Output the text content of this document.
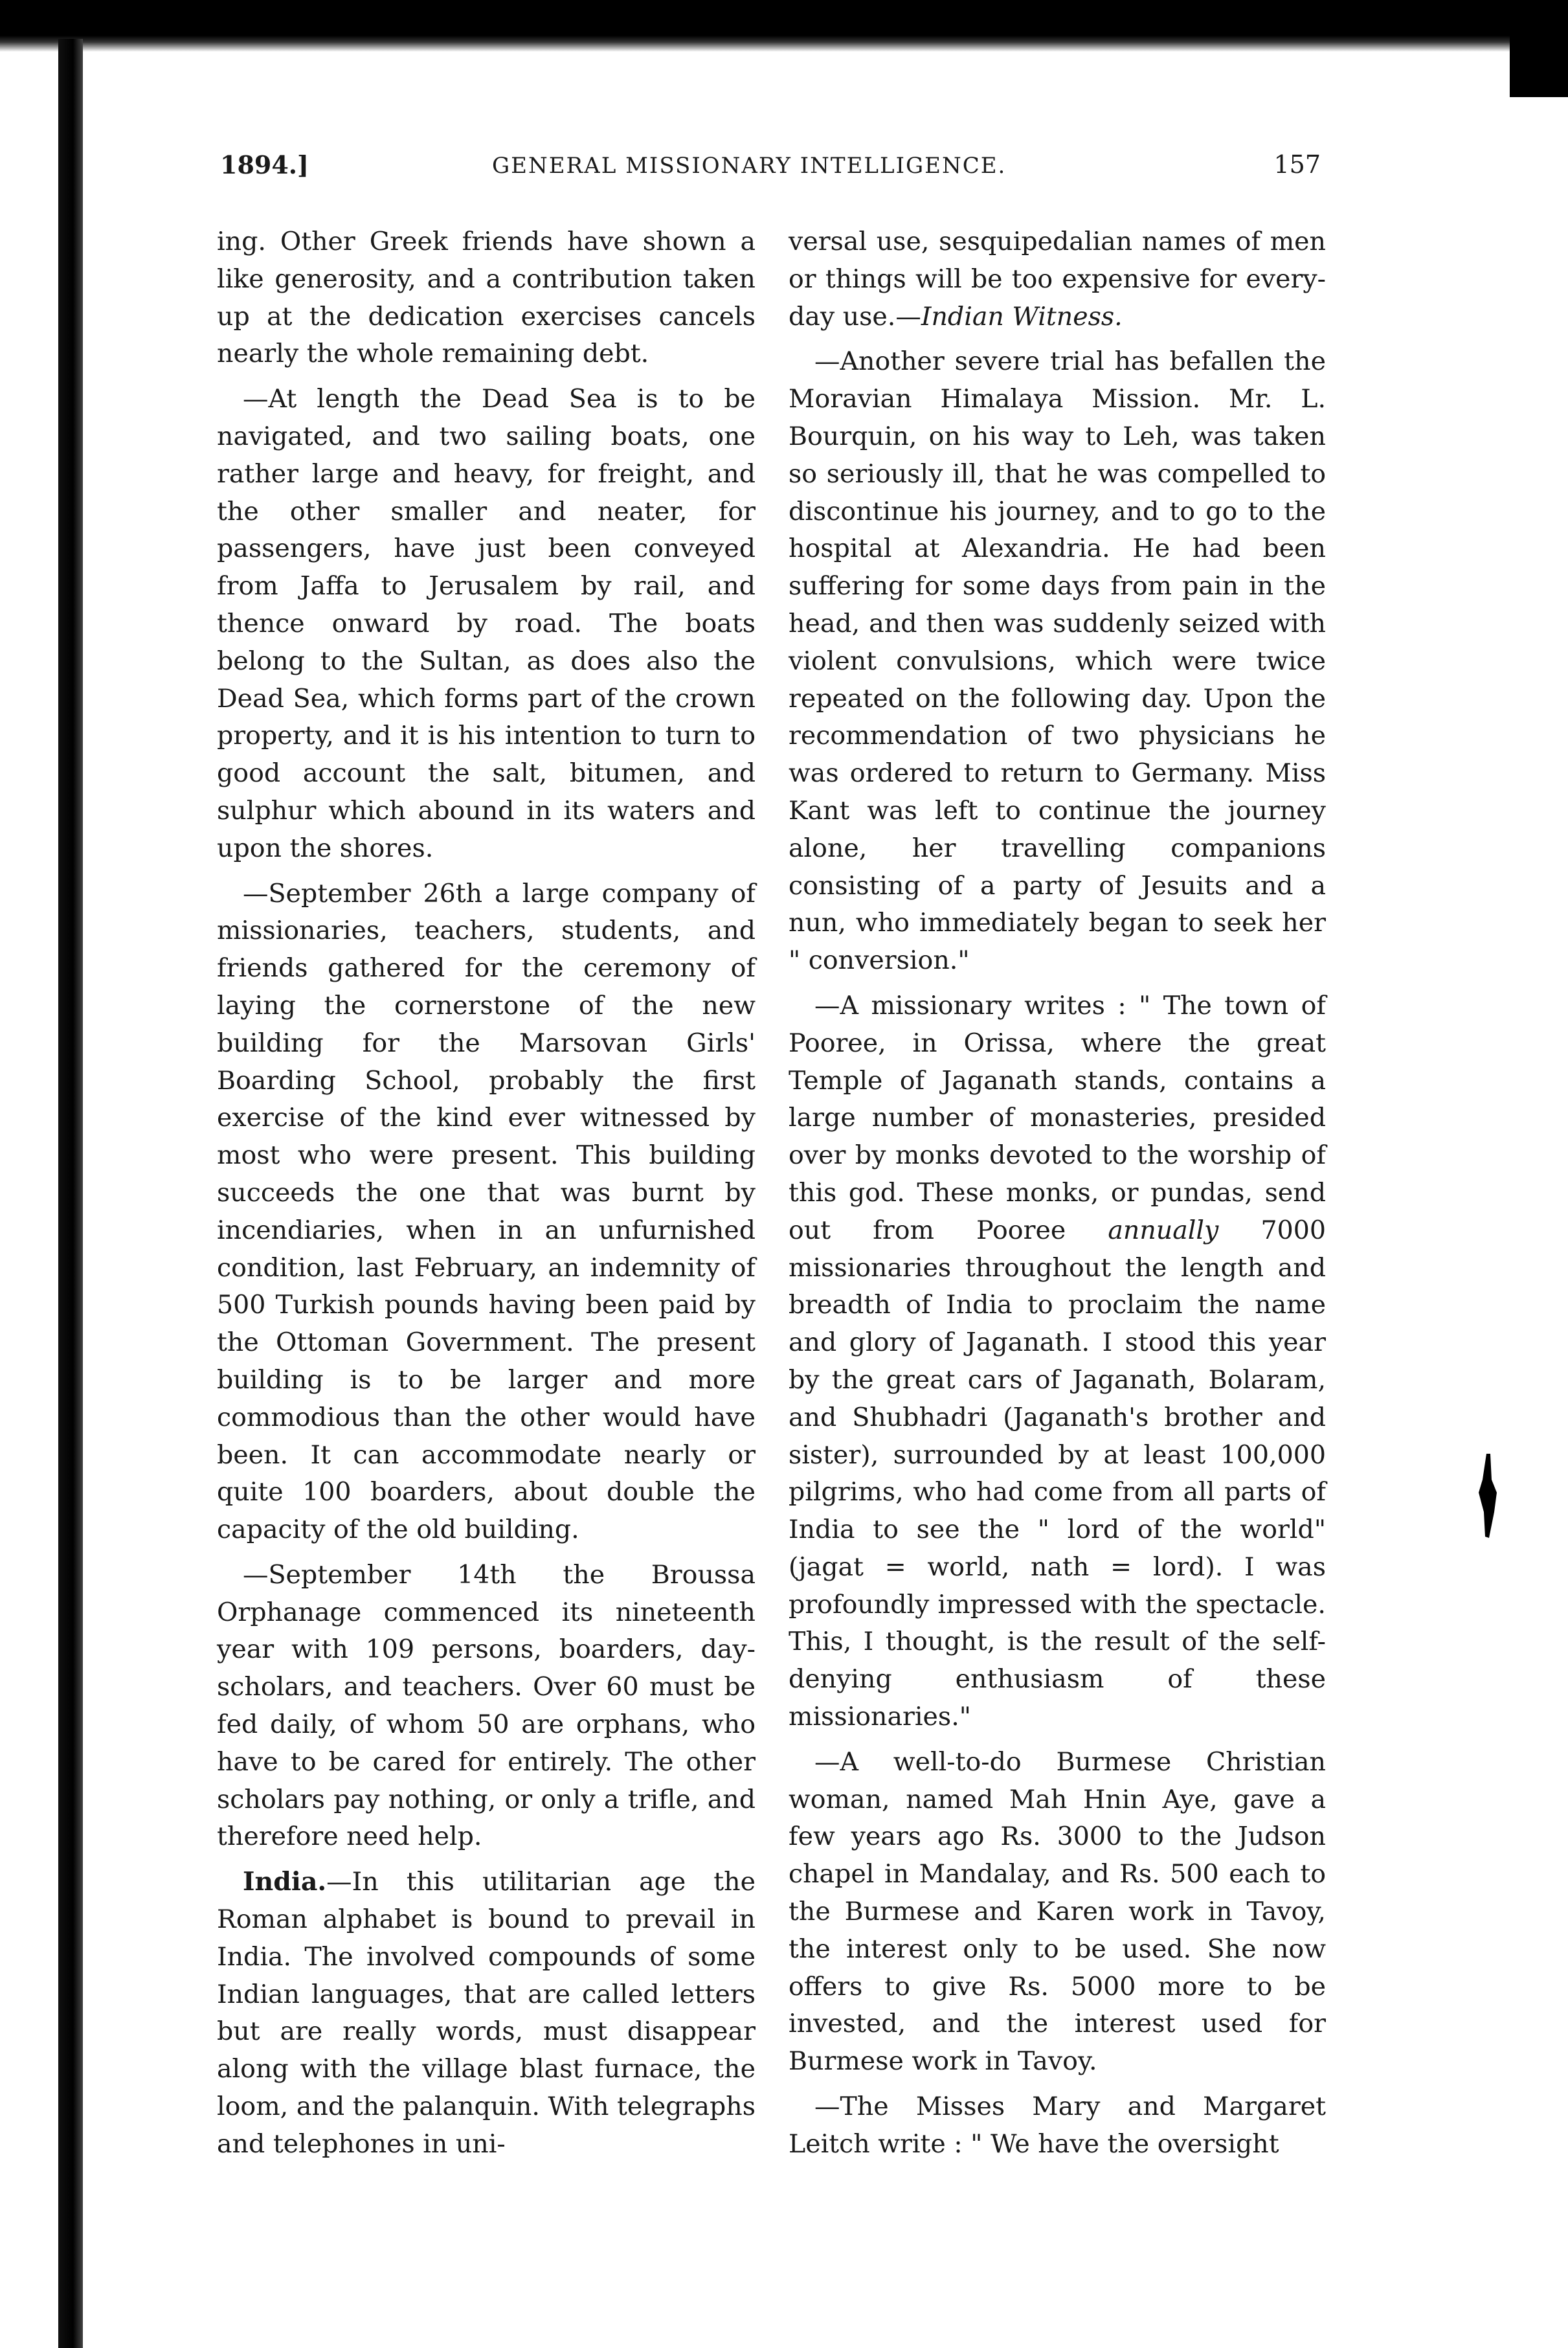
1894.]	GENERAL MISSIONARY INTELLIGENCE.	157

ing. Other Greek friends have shown a like generosity, and a contribution taken up at the dedication exercises cancels nearly the whole remaining debt.

—At length the Dead Sea is to be navigated, and two sailing boats, one rather large and heavy, for freight, and the other smaller and neater, for passengers, have just been conveyed from Jaffa to Jerusalem by rail, and thence onward by road. The boats belong to the Sultan, as does also the Dead Sea, which forms part of the crown property, and it is his intention to turn to good account the salt, bitumen, and sulphur which abound in its waters and upon the shores.

—September 26th a large company of missionaries, teachers, students, and friends gathered for the ceremony of laying the cornerstone of the new building for the Marsovan Girls' Boarding School, probably the first exercise of the kind ever witnessed by most who were present. This building succeeds the one that was burnt by incendiaries, when in an unfurnished condition, last February, an indemnity of 500 Turkish pounds having been paid by the Ottoman Government. The present building is to be larger and more commodious than the other would have been. It can accommodate nearly or quite 100 boarders, about double the capacity of the old building.

—September 14th the Broussa Orphanage commenced its nineteenth year with 109 persons, boarders, day-scholars, and teachers. Over 60 must be fed daily, of whom 50 are orphans, who have to be cared for entirely. The other scholars pay nothing, or only a trifle, and therefore need help.

India.—In this utilitarian age the Roman alphabet is bound to prevail in India. The involved compounds of some Indian languages, that are called letters but are really words, must disappear along with the village blast furnace, the loom, and the palanquin. With telegraphs and telephones in uni-

versal use, sesquipedalian names of men or things will be too expensive for every-day use.—Indian Witness.

—Another severe trial has befallen the Moravian Himalaya Mission. Mr. L. Bourquin, on his way to Leh, was taken so seriously ill, that he was compelled to discontinue his journey, and to go to the hospital at Alexandria. He had been suffering for some days from pain in the head, and then was suddenly seized with violent convulsions, which were twice repeated on the following day. Upon the recommendation of two physicians he was ordered to return to Germany. Miss Kant was left to continue the journey alone, her travelling companions consisting of a party of Jesuits and a nun, who immediately began to seek her " conversion."

—A missionary writes : " The town of Pooree, in Orissa, where the great Temple of Jaganath stands, contains a large number of monasteries, presided over by monks devoted to the worship of this god. These monks, or pundas, send out from Pooree annually 7000 missionaries throughout the length and breadth of India to proclaim the name and glory of Jaganath. I stood this year by the great cars of Jaganath, Bolaram, and Shubhadri (Jaganath's brother and sister), surrounded by at least 100,000 pilgrims, who had come from all parts of India to see the " lord of the world" (jagat = world, nath = lord). I was profoundly impressed with the spectacle. This, I thought, is the result of the self-denying enthusiasm of these missionaries."

—A well-to-do Burmese Christian woman, named Mah Hnin Aye, gave a few years ago Rs. 3000 to the Judson chapel in Mandalay, and Rs. 500 each to the Burmese and Karen work in Tavoy, the interest only to be used. She now offers to give Rs. 5000 more to be invested, and the interest used for Burmese work in Tavoy.

—The Misses Mary and Margaret Leitch write : " We have the oversight
